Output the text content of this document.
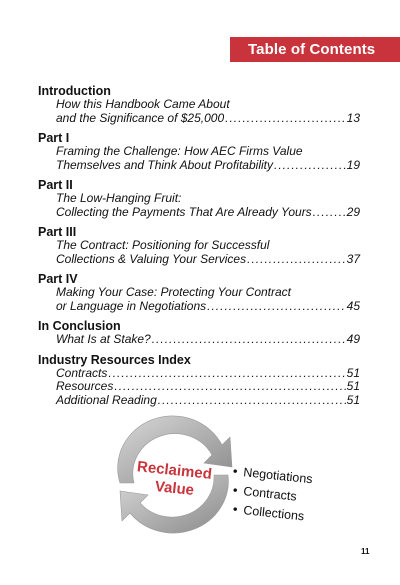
Table of Contents
Introduction
How this Handbook Came About
and the Significance of $25,000 .....	13
Part I
Framing the Challenge: How AEC Firms Value
Themselves and Think About Profitability .....	19
Part II
The Low-Hanging Fruit:
Collecting the Payments That Are Already Yours .....	29
Part III
The Contract: Positioning for Successful
Collections & Valuing Your Services .....	37
Part IV
Making Your Case: Protecting Your Contract
or Language in Negotiations .....	45
In Conclusion
What Is at Stake? .....	49
Industry Resources Index
Contracts .....	51
Resources .....	51
Additional Reading .....	51
Reclaimed
Value
• Negotiations
• Contracts
• Collections
11
